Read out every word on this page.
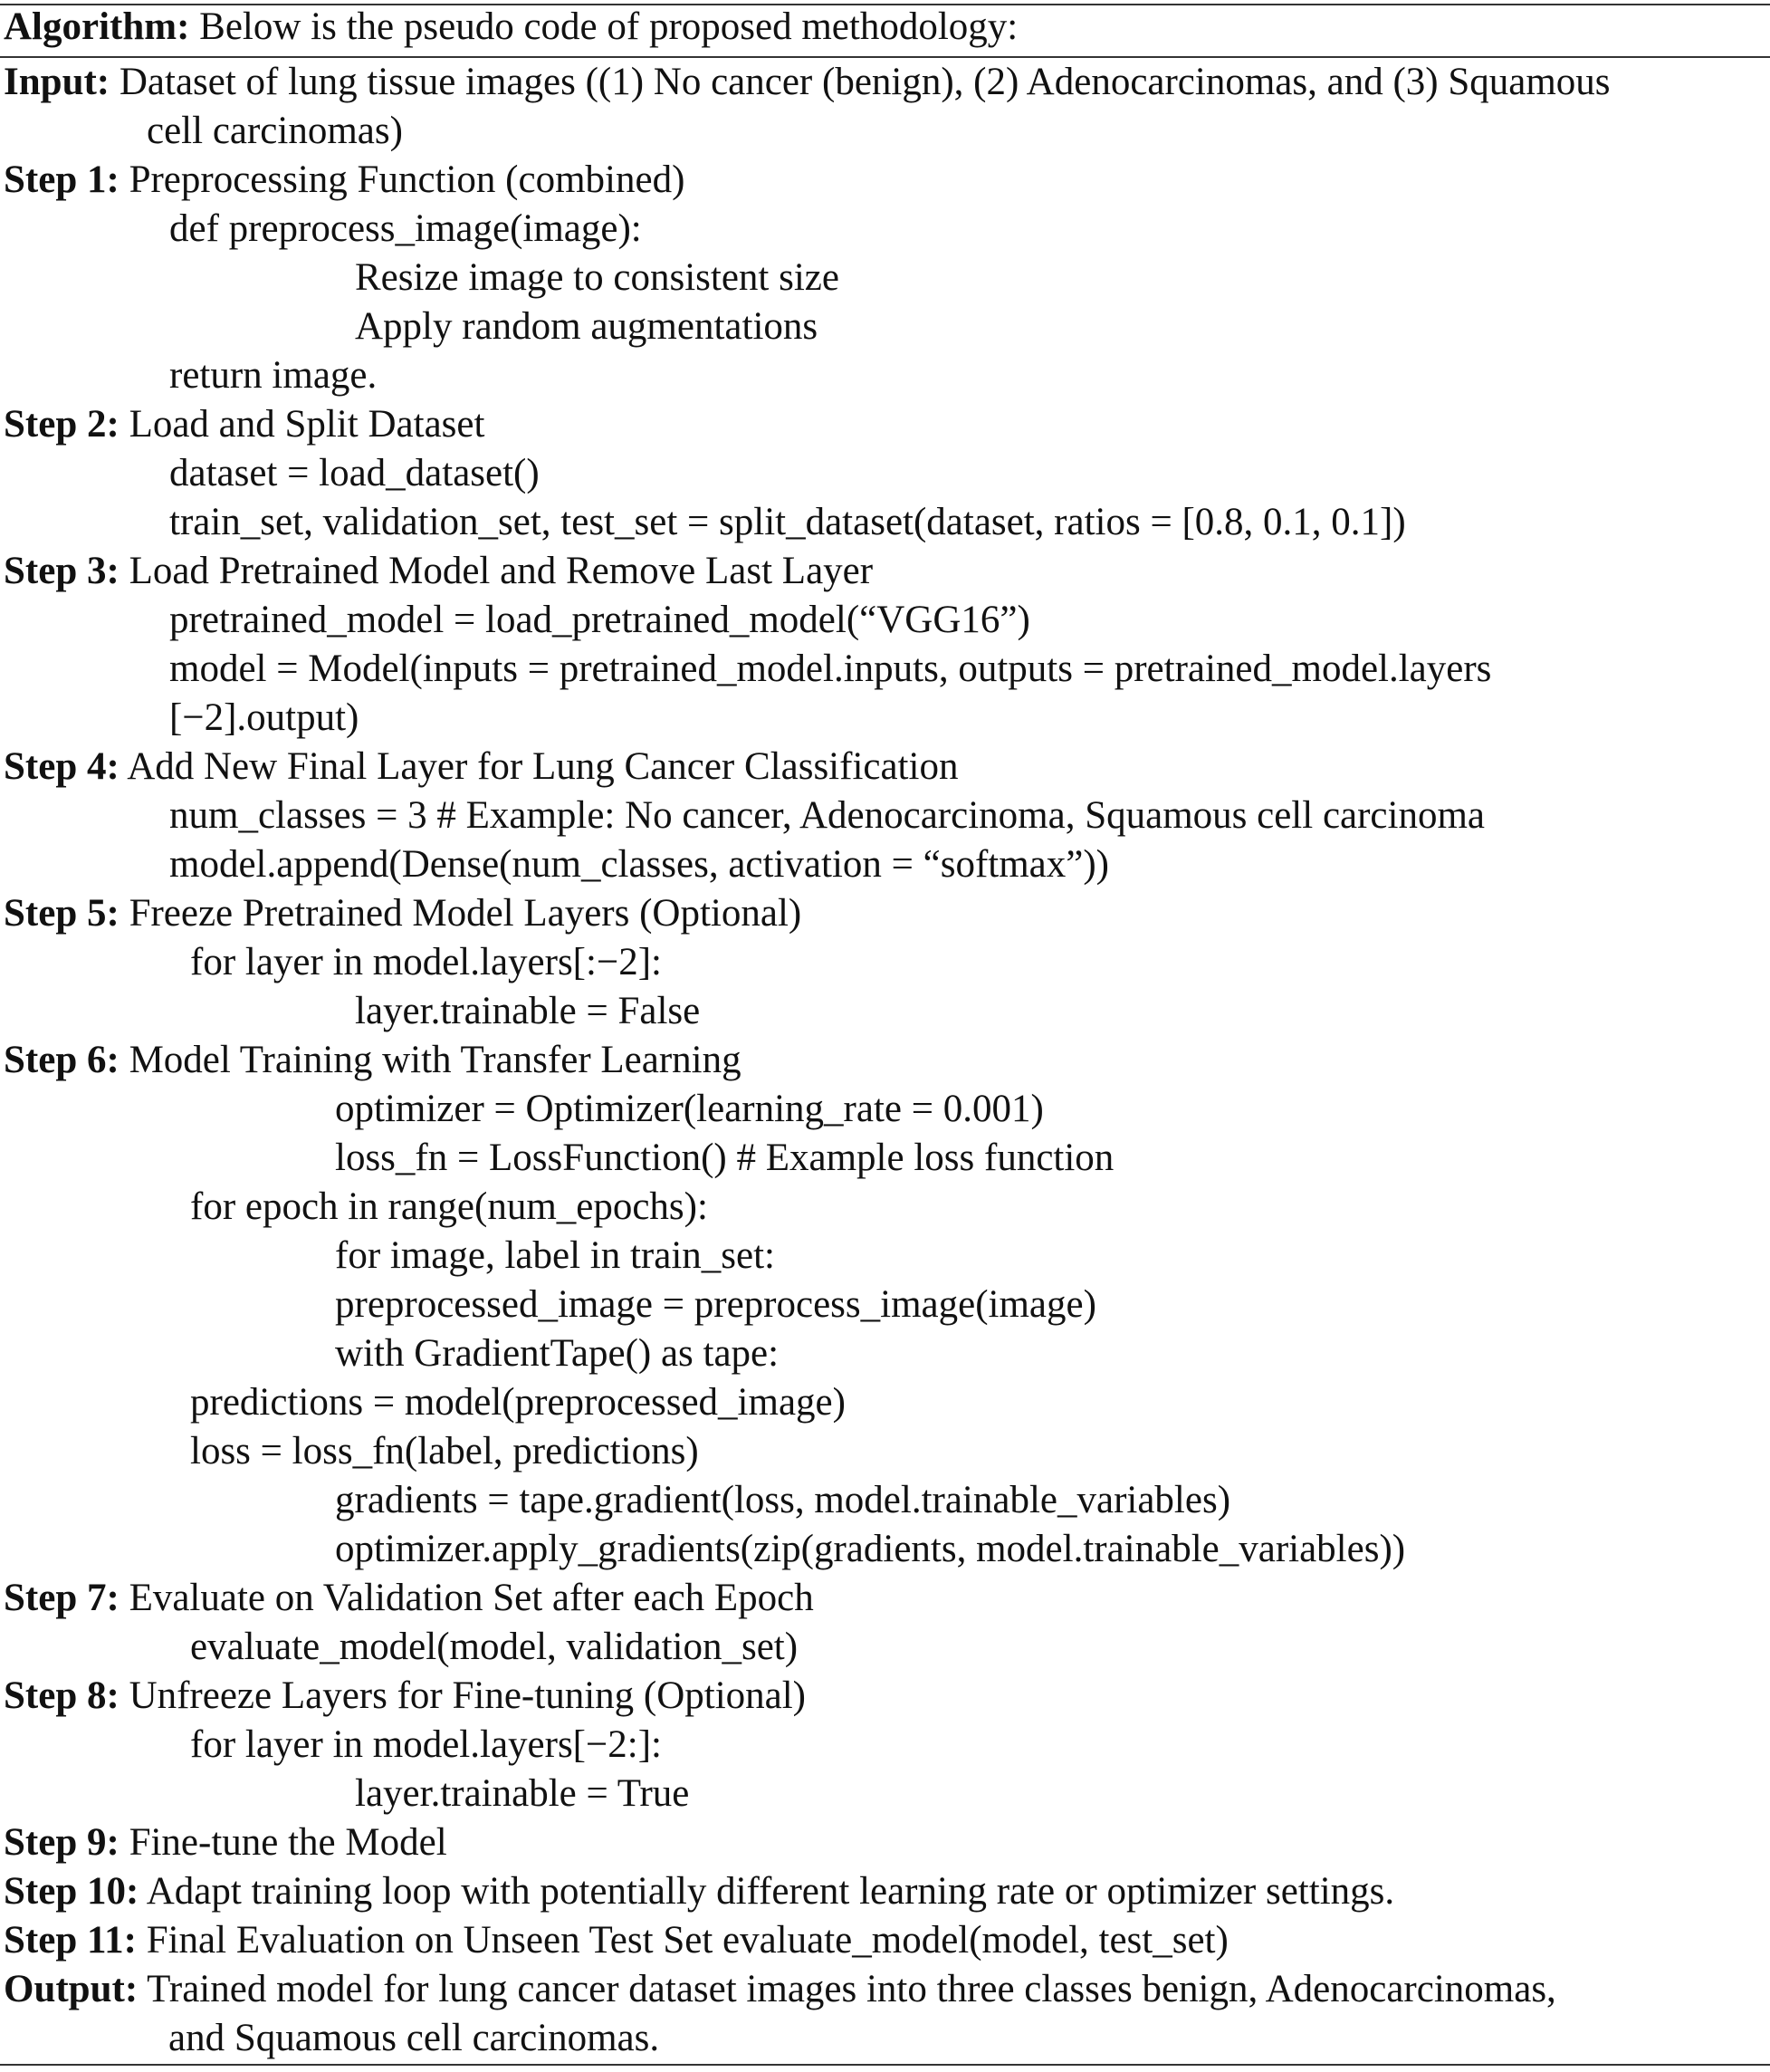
Algorithm: Below is the pseudo code of proposed methodology:
Input: Dataset of lung tissue images ((1) No cancer (benign), (2) Adenocarcinomas, and (3) Squamous
cell carcinomas)
Step 1: Preprocessing Function (combined)
def preprocess_image(image):
Resize image to consistent size
Apply random augmentations
return image.
Step 2: Load and Split Dataset
dataset = load_dataset()
train_set, validation_set, test_set = split_dataset(dataset, ratios = [0.8, 0.1, 0.1])
Step 3: Load Pretrained Model and Remove Last Layer
pretrained_model = load_pretrained_model(“VGG16”)
model = Model(inputs = pretrained_model.inputs, outputs = pretrained_model.layers
[−2].output)
Step 4: Add New Final Layer for Lung Cancer Classification
num_classes = 3 # Example: No cancer, Adenocarcinoma, Squamous cell carcinoma
model.append(Dense(num_classes, activation = “softmax”))
Step 5: Freeze Pretrained Model Layers (Optional)
for layer in model.layers[:−2]:
layer.trainable = False
Step 6: Model Training with Transfer Learning
optimizer = Optimizer(learning_rate = 0.001)
loss_fn = LossFunction() # Example loss function
for epoch in range(num_epochs):
for image, label in train_set:
preprocessed_image = preprocess_image(image)
with GradientTape() as tape:
predictions = model(preprocessed_image)
loss = loss_fn(label, predictions)
gradients = tape.gradient(loss, model.trainable_variables)
optimizer.apply_gradients(zip(gradients, model.trainable_variables))
Step 7: Evaluate on Validation Set after each Epoch
evaluate_model(model, validation_set)
Step 8: Unfreeze Layers for Fine-tuning (Optional)
for layer in model.layers[−2:]:
layer.trainable = True
Step 9: Fine-tune the Model
Step 10: Adapt training loop with potentially different learning rate or optimizer settings.
Step 11: Final Evaluation on Unseen Test Set evaluate_model(model, test_set)
Output: Trained model for lung cancer dataset images into three classes benign, Adenocarcinomas,
and Squamous cell carcinomas.
